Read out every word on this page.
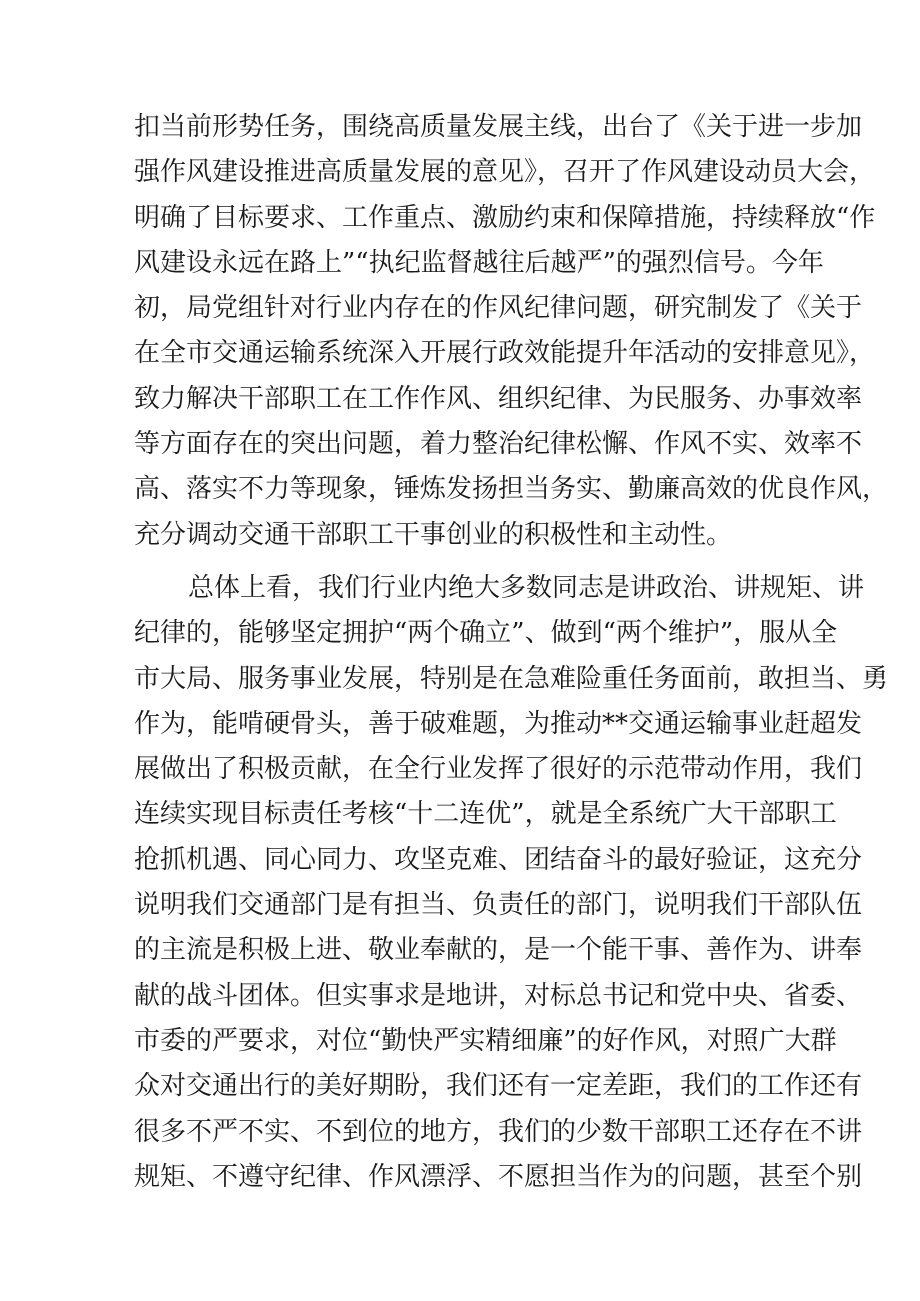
扣当前形势任务，围绕高质量发展主线，出台了《关于进一步加
强作风建设推进高质量发展的意见》，召开了作风建设动员大会，
明确了目标要求、工作重点、激励约束和保障措施，持续释放“作
风建设永远在路上”“执纪监督越往后越严”的强烈信号。今年
初，局党组针对行业内存在的作风纪律问题，研究制发了《关于
在全市交通运输系统深入开展行政效能提升年活动的安排意见》，
致力解决干部职工在工作作风、组织纪律、为民服务、办事效率
等方面存在的突出问题，着力整治纪律松懈、作风不实、效率不
高、落实不力等现象，锤炼发扬担当务实、勤廉高效的优良作风，
充分调动交通干部职工干事创业的积极性和主动性。

总体上看，我们行业内绝大多数同志是讲政治、讲规矩、讲
纪律的，能够坚定拥护“两个确立”、做到“两个维护”，服从全
市大局、服务事业发展，特别是在急难险重任务面前，敢担当、勇
作为，能啃硬骨头，善于破难题，为推动**交通运输事业赶超发
展做出了积极贡献，在全行业发挥了很好的示范带动作用，我们
连续实现目标责任考核“十二连优”，就是全系统广大干部职工
抢抓机遇、同心同力、攻坚克难、团结奋斗的最好验证，这充分
说明我们交通部门是有担当、负责任的部门，说明我们干部队伍
的主流是积极上进、敬业奉献的，是一个能干事、善作为、讲奉
献的战斗团体。但实事求是地讲，对标总书记和党中央、省委、
市委的严要求，对位“勤快严实精细廉”的好作风，对照广大群
众对交通出行的美好期盼，我们还有一定差距，我们的工作还有
很多不严不实、不到位的地方，我们的少数干部职工还存在不讲
规矩、不遵守纪律、作风漂浮、不愿担当作为的问题，甚至个别
